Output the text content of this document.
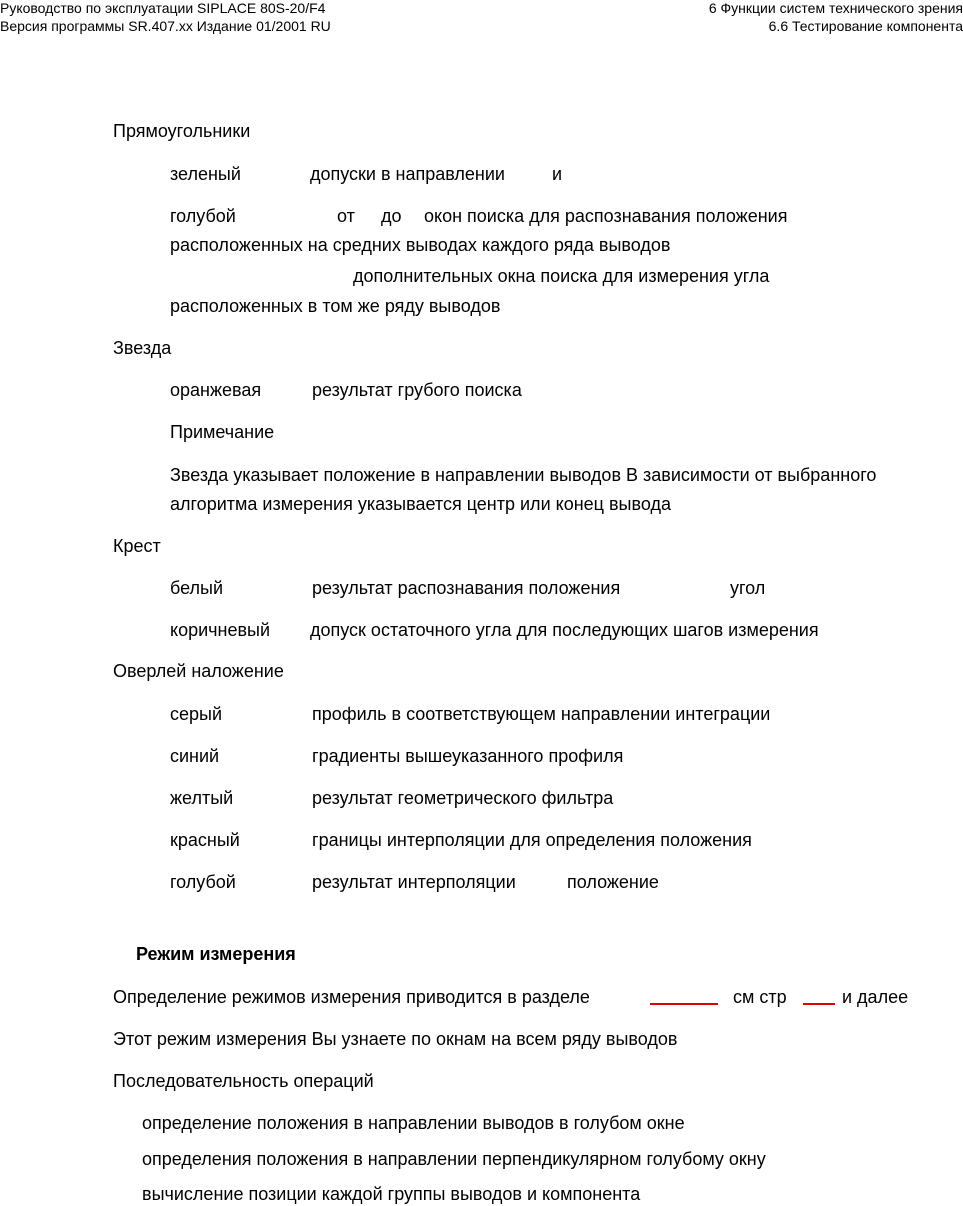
Руководство по эксплуатации SIPLACE 80S-20/F4
Версия программы SR.407.xx Издание 01/2001 RU
6 Функции систем технического зрения
6.6 Тестирование компонента
Прямоугольники
зеленый	допуски в направлении	и
голубой	от до окон поиска для распознавания положения
расположенных на средних выводах каждого ряда выводов
дополнительных окна поиска для измерения угла
расположенных в том же ряду выводов
Звезда
оранжевая	результат грубого поиска
Примечание
Звезда указывает положение в направлении выводов В зависимости от выбранного
алгоритма измерения указывается центр или конец вывода
Крест
белый	результат распознавания положения	угол
коричневый допуск остаточного угла для последующих шагов измерения
Оверлей наложение
серый	профиль в соответствующем направлении интеграции
синий	градиенты вышеуказанного профиля
желтый	результат геометрического фильтра
красный	границы интерполяции для определения положения
голубой	результат интерполяции	положение
Режим измерения
Определение режимов измерения приводится в разделе	см стр	и далее
Этот режим измерения Вы узнаете по окнам на всем ряду выводов
Последовательность операций
определение положения в направлении выводов в голубом окне
определения положения в направлении перпендикулярном голубому окну
вычисление позиции каждой группы выводов и компонента
